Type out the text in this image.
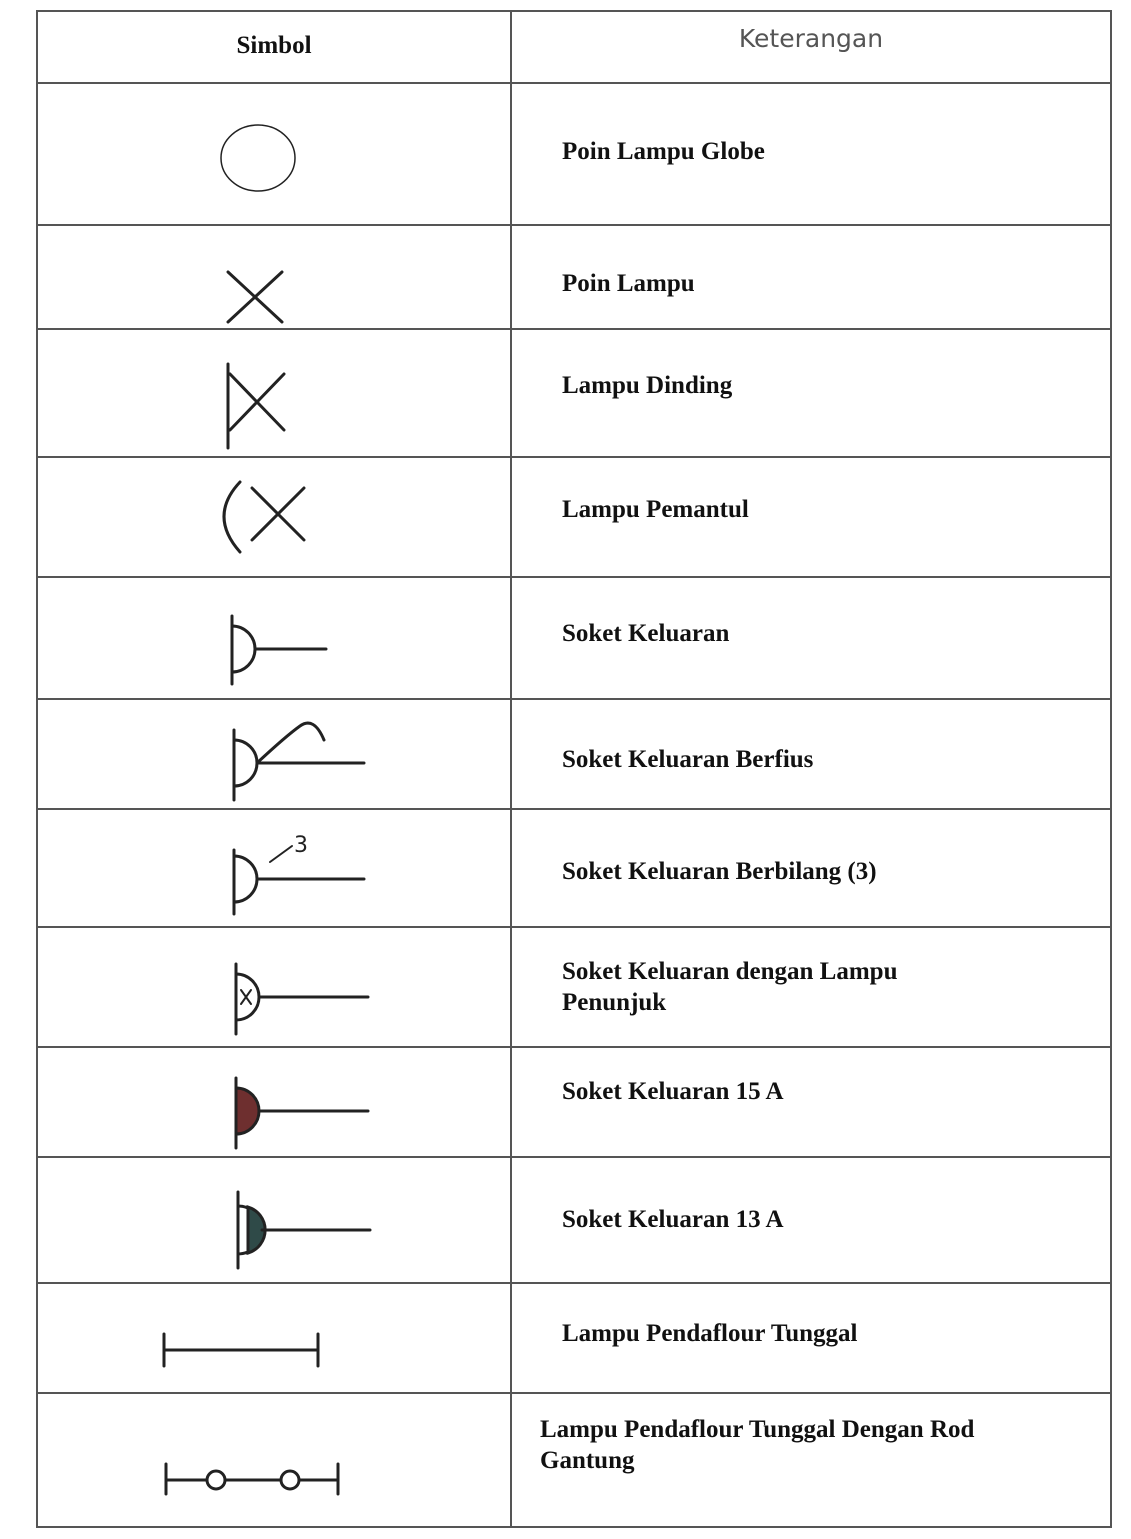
Simbol	Keterangan
Poin Lampu Globe
Poin Lampu
Lampu Dinding
Lampu Pemantul
Soket Keluaran
Soket Keluaran Berfius
3
Soket Keluaran Berbilang (3)
Soket Keluaran dengan Lampu Penunjuk
Soket Keluaran 15 A
Soket Keluaran 13 A
Lampu Pendaflour Tunggal
Lampu Pendaflour Tunggal Dengan Rod Gantung
